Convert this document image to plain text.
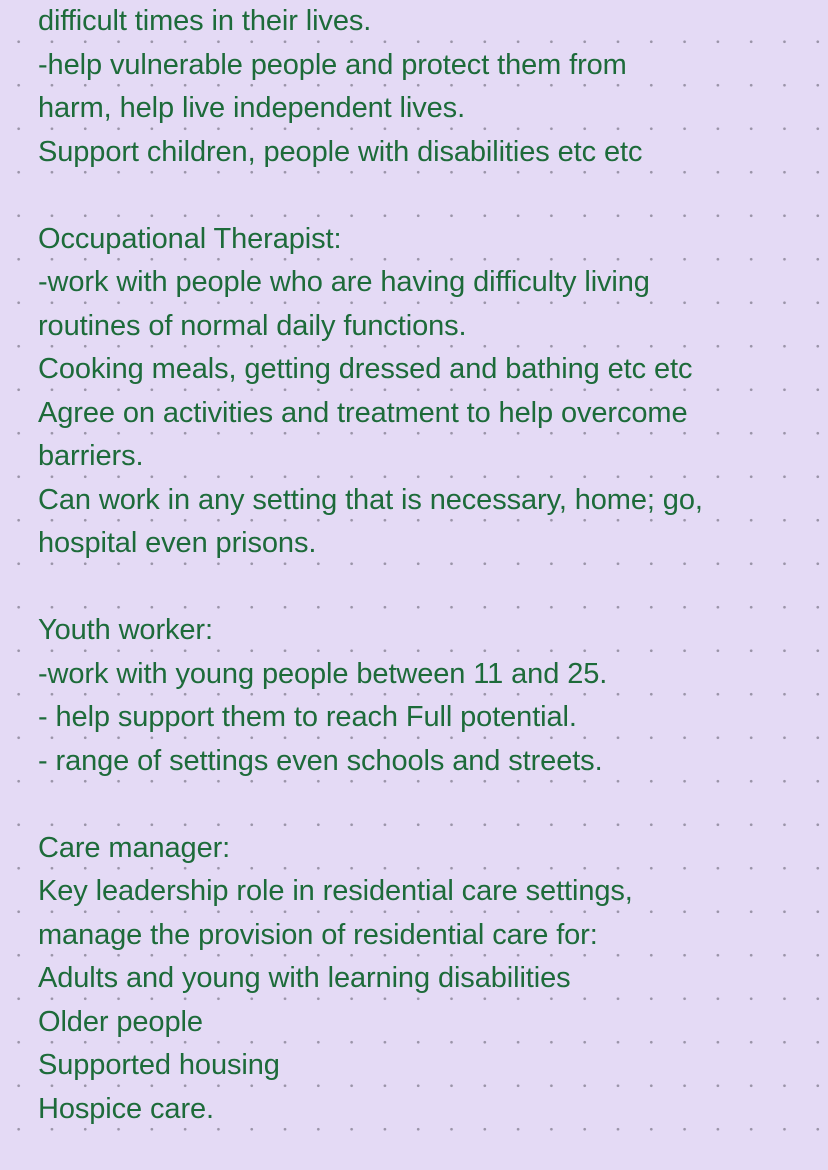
difficult times in their lives.
-help vulnerable people and protect them from
harm, help live independent lives.
Support children, people with disabilities etc etc
Occupational Therapist:
-work with people who are having difficulty living
routines of normal daily functions.
Cooking meals, getting dressed and bathing etc etc
Agree on activities and treatment to help overcome
barriers.
Can work in any setting that is necessary, home; go,
hospital even prisons.
Youth worker:
-work with young people between 11 and 25.
- help support them to reach Full potential.
- range of settings even schools and streets.
Care manager:
Key leadership role in residential care settings,
manage the provision of residential care for:
Adults and young with learning disabilities
Older people
Supported housing
Hospice care.
